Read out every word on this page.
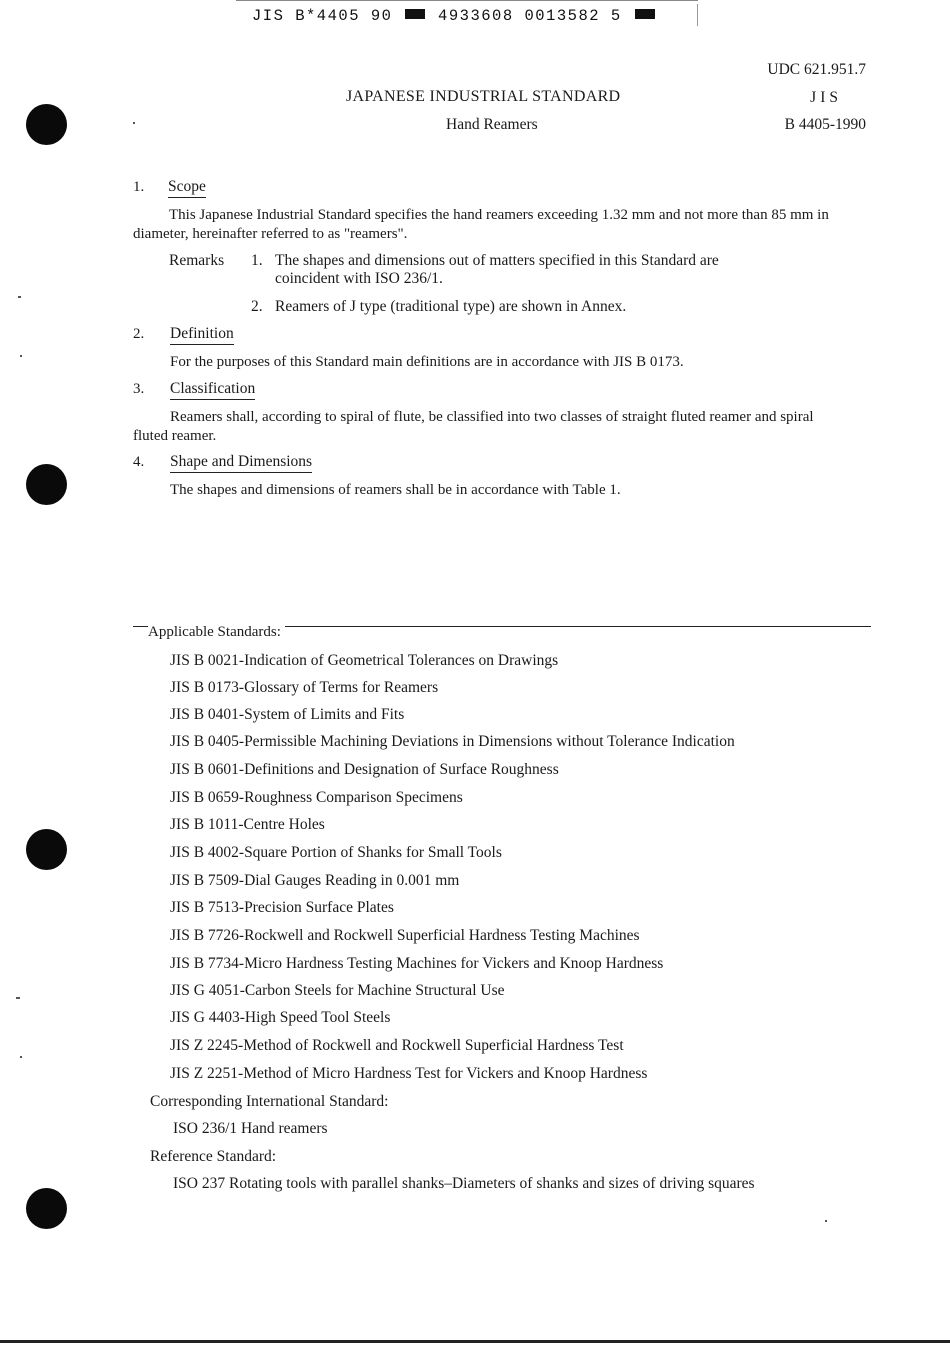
JIS B*4405 90	4933608 0013582 5
UDC 621.951.7
JIS
B 4405-1990
JAPANESE INDUSTRIAL STANDARD
Hand Reamers
1. Scope
This Japanese Industrial Standard specifies the hand reamers exceeding 1.32 mm and not more than 85 mm in diameter, hereinafter referred to as "reamers".
Remarks 1. The shapes and dimensions out of matters specified in this Standard are
coincident with ISO 236/1.
2. Reamers of J type (traditional type) are shown in Annex.
2. Definition
For the purposes of this Standard main definitions are in accordance with JIS B 0173.
3. Classification
Reamers shall, according to spiral of flute, be classified into two classes of straight fluted reamer and spiral fluted reamer.
4. Shape and Dimensions
The shapes and dimensions of reamers shall be in accordance with Table 1.
Applicable Standards:
JIS B 0021-Indication of Geometrical Tolerances on Drawings
JIS B 0173-Glossary of Terms for Reamers
JIS B 0401-System of Limits and Fits
JIS B 0405-Permissible Machining Deviations in Dimensions without Tolerance Indication
JIS B 0601-Definitions and Designation of Surface Roughness
JIS B 0659-Roughness Comparison Specimens
JIS B 1011-Centre Holes
JIS B 4002-Square Portion of Shanks for Small Tools
JIS B 7509-Dial Gauges Reading in 0.001 mm
JIS B 7513-Precision Surface Plates
JIS B 7726-Rockwell and Rockwell Superficial Hardness Testing Machines
JIS B 7734-Micro Hardness Testing Machines for Vickers and Knoop Hardness
JIS G 4051-Carbon Steels for Machine Structural Use
JIS G 4403-High Speed Tool Steels
JIS Z 2245-Method of Rockwell and Rockwell Superficial Hardness Test
JIS Z 2251-Method of Micro Hardness Test for Vickers and Knoop Hardness
Corresponding International Standard:
ISO 236/1 Hand reamers
Reference Standard:
ISO 237 Rotating tools with parallel shanks–Diameters of shanks and sizes of driving squares
